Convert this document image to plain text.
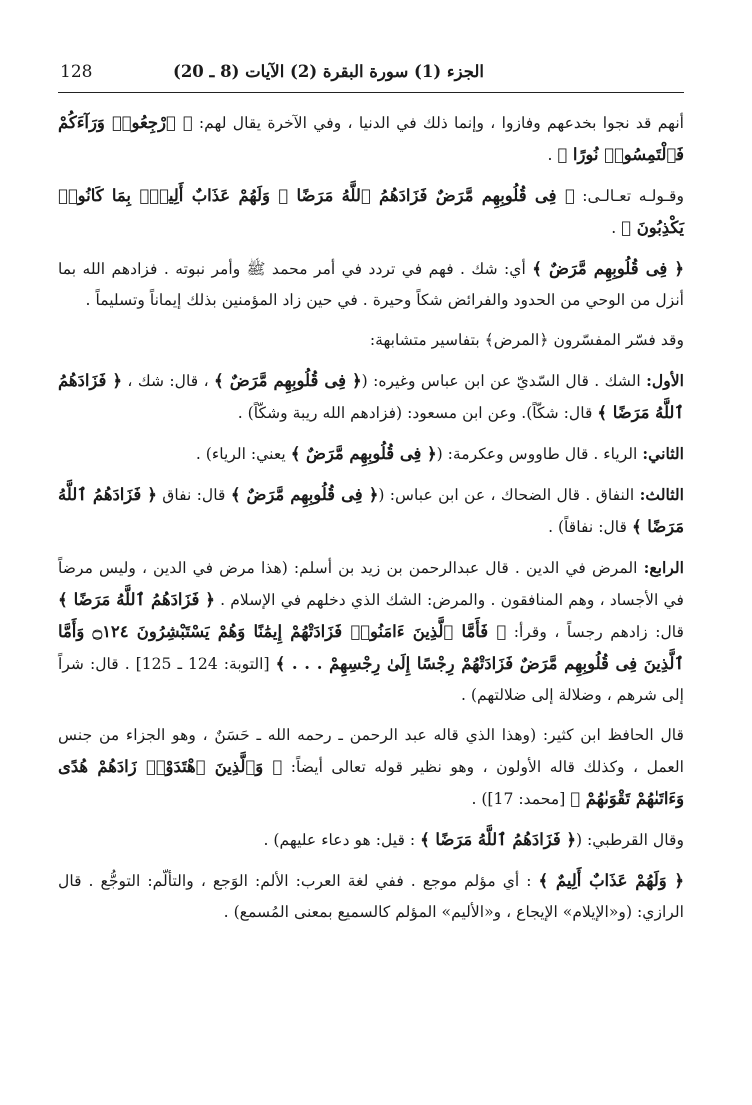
128	الجزء (1) سورة البقرة (2) الآيات (8 ـ 20)

أنهم قد نجوا بخدعهم وفازوا ، وإنما ذلك في الدنيا ، وفي الآخرة يقال لهم: ﴿ ٱرْجِعُوا۟ وَرَآءَكُمْ فَٱلْتَمِسُوا۟ نُورًا ﴾ .

وقـولـه تعـالـى: ﴿ فِى قُلُوبِهِم مَّرَضٌ فَزَادَهُمُ ٱللَّهُ مَرَضًا ۖ وَلَهُمْ عَذَابٌ أَلِيمٌۢ بِمَا كَانُوا۟ يَكْذِبُونَ ﴾ .

﴿ فِى قُلُوبِهِم مَّرَضٌ ﴾ أي: شك . فهم في تردد في أمر محمد ﷺ وأمر نبوته . فزادهم الله بما أنزل من الوحي من الحدود والفرائض شكاً وحيرة . في حين زاد المؤمنين بذلك إيماناً وتسليماً .

وقد فسّر المفسّرون ﴿المرض﴾ بتفاسير متشابهة:

الأول: الشك . قال السّديّ عن ابن عباس وغيره: (﴿ فِى قُلُوبِهِم مَّرَضٌ ﴾ ، قال: شك ، ﴿ فَزَادَهُمُ ٱللَّهُ مَرَضًا ﴾ قال: شكّاً). وعن ابن مسعود: (فزادهم الله ريبة وشكّاً) .

الثاني: الرياء . قال طاووس وعكرمة: (﴿ فِى قُلُوبِهِم مَّرَضٌ ﴾ يعني: الرياء) .

الثالث: النفاق . قال الضحاك ، عن ابن عباس: (﴿ فِى قُلُوبِهِم مَّرَضٌ ﴾ قال: نفاق ﴿ فَزَادَهُمُ ٱللَّهُ مَرَضًا ﴾ قال: نفاقاً) .

الرابع: المرض في الدين . قال عبدالرحمن بن زيد بن أسلم: (هذا مرض في الدين ، وليس مرضاً في الأجساد ، وهم المنافقون . والمرض: الشك الذي دخلهم في الإسلام . ﴿ فَزَادَهُمُ ٱللَّهُ مَرَضًا ﴾ قال: زادهم رجساً ، وقرأ: ﴿ فَأَمَّا ٱلَّذِينَ ءَامَنُوا۟ فَزَادَتْهُمْ إِيمَٰنًا وَهُمْ يَسْتَبْشِرُونَ ۝١٢٤ وَأَمَّا ٱلَّذِينَ فِى قُلُوبِهِم مَّرَضٌ فَزَادَتْهُمْ رِجْسًا إِلَىٰ رِجْسِهِمْ . . . ﴾ [التوبة: 124 ـ 125] . قال: شراً إلى شرهم ، وضلالة إلى ضلالتهم) .

قال الحافظ ابن كثير: (وهذا الذي قاله عبد الرحمن ـ رحمه الله ـ حَسَنٌ ، وهو الجزاء من جنس العمل ، وكذلك قاله الأولون ، وهو نظير قوله تعالى أيضاً: ﴿ وَٱلَّذِينَ ٱهْتَدَوْا۟ زَادَهُمْ هُدًى وَءَاتَىٰهُمْ تَقْوَىٰهُمْ ﴾ [محمد: 17]) .

وقال القرطبي: (﴿ فَزَادَهُمُ ٱللَّهُ مَرَضًا ﴾ : قيل: هو دعاء عليهم) .

﴿ وَلَهُمْ عَذَابٌ أَلِيمٌ ﴾ : أي مؤلم موجع . ففي لغة العرب: الألم: الوَجع ، والتألّم: التوجُّع . قال الرازي: (و«الإيلام» الإيجاع ، و«الأليم» المؤلم كالسميع بمعنى المُسمع) .
